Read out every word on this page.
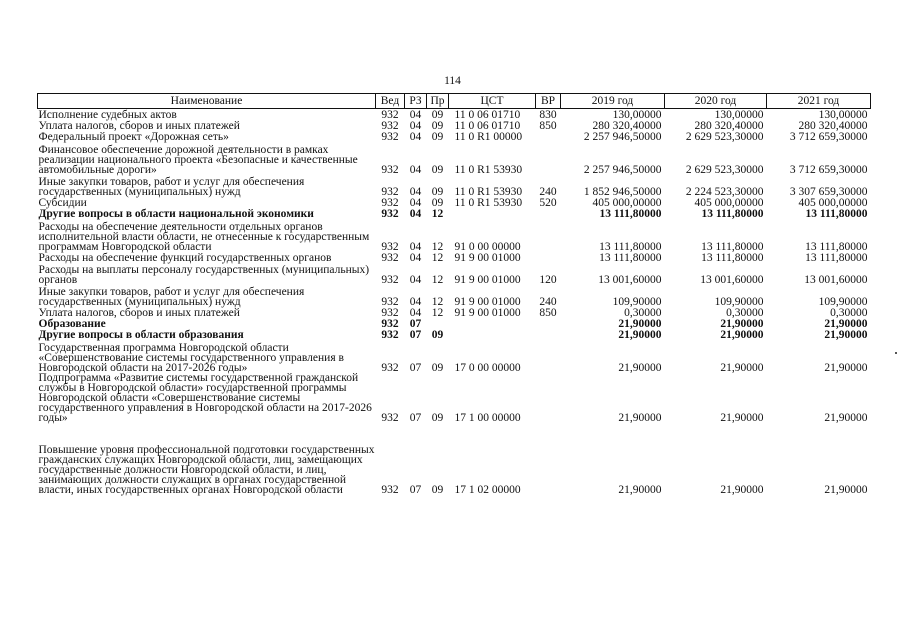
114
Наименование	Вед	РЗ	Пр	ЦСТ	ВР	2019 год	2020 год	2021 год
Исполнение судебных актов	932	04	09	11 0 06 01710	830	130,00000	130,00000	130,00000
Уплата налогов, сборов и иных платежей	932	04	09	11 0 06 01710	850	280 320,40000	280 320,40000	280 320,40000
Федеральный проект «Дорожная сеть»	932	04	09	11 0 R1 00000		2 257 946,50000	2 629 523,30000	3 712 659,30000
Финансовое обеспечение дорожной деятельности в рамках реализации национального проекта «Безопасные и качественные автомобильные дороги»	932	04	09	11 0 R1 53930		2 257 946,50000	2 629 523,30000	3 712 659,30000
Иные закупки товаров, работ и услуг для обеспечения государственных (муниципальных) нужд	932	04	09	11 0 R1 53930	240	1 852 946,50000	2 224 523,30000	3 307 659,30000
Субсидии	932	04	09	11 0 R1 53930	520	405 000,00000	405 000,00000	405 000,00000
Другие вопросы в области национальной экономики	932	04	12			13 111,80000	13 111,80000	13 111,80000
Расходы на обеспечение деятельности отдельных органов исполнительной власти области, не отнесенные к государственным программам Новгородской области	932	04	12	91 0 00 00000		13 111,80000	13 111,80000	13 111,80000
Расходы на обеспечение функций государственных органов	932	04	12	91 9 00 01000		13 111,80000	13 111,80000	13 111,80000
Расходы на выплаты персоналу государственных (муниципальных) органов	932	04	12	91 9 00 01000	120	13 001,60000	13 001,60000	13 001,60000
Иные закупки товаров, работ и услуг для обеспечения государственных (муниципальных) нужд	932	04	12	91 9 00 01000	240	109,90000	109,90000	109,90000
Уплата налогов, сборов и иных платежей	932	04	12	91 9 00 01000	850	0,30000	0,30000	0,30000
Образование	932	07				21,90000	21,90000	21,90000
Другие вопросы в области образования	932	07	09			21,90000	21,90000	21,90000
Государственная программа Новгородской области «Совершенствование системы государственного управления в Новгородской области на 2017-2026 годы»	932	07	09	17 0 00 00000		21,90000	21,90000	21,90000
Подпрограмма «Развитие системы государственной гражданской службы в Новгородской области» государственной программы Новгородской области «Совершенствование системы государственного управления в Новгородской области на 2017-2026 годы»	932	07	09	17 1 00 00000		21,90000	21,90000	21,90000
Повышение уровня профессиональной подготовки государственных гражданских служащих Новгородской области, лиц, замещающих государственные должности Новгородской области, и лиц, занимающих должности служащих в органах государственной власти, иных государственных органах Новгородской области	932	07	09	17 1 02 00000		21,90000	21,90000	21,90000
